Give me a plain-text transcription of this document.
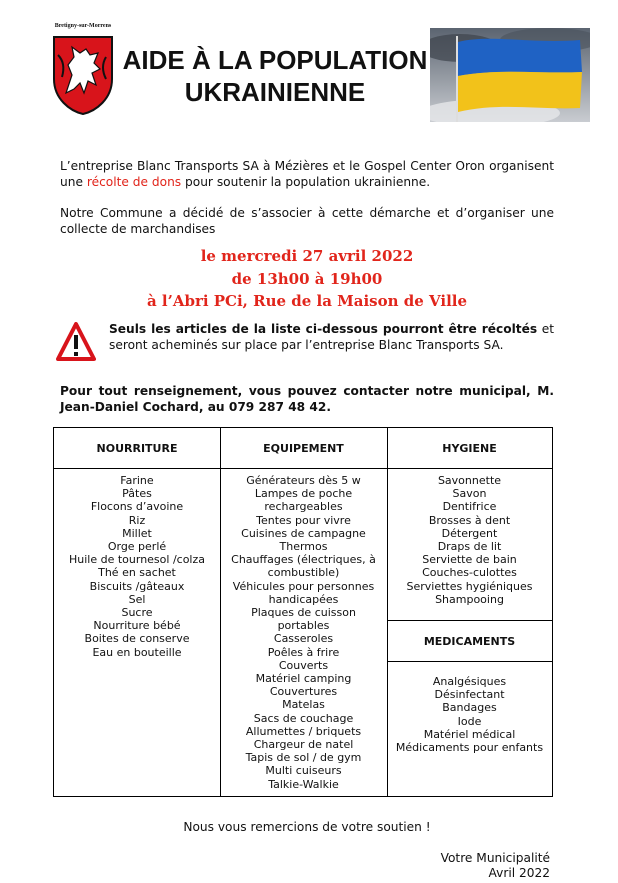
Bretigny-sur-Morrens
AIDE À LA POPULATION
UKRAINIENNE
L’entreprise Blanc Transports SA à Mézières et le Gospel Center Oron organisent une récolte de dons pour soutenir la population ukrainienne.
Notre Commune a décidé de s’associer à cette démarche et d’organiser une collecte de marchandises
le mercredi 27 avril 2022
de 13h00 à 19h00
à l’Abri PCi, Rue de la Maison de Ville
Seuls les articles de la liste ci-dessous pourront être récoltés et seront acheminés sur place par l’entreprise Blanc Transports SA.
Pour tout renseignement, vous pouvez contacter notre municipal, M. Jean-Daniel Cochard, au 079 287 48 42.
NOURRITURE
Farine
Pâtes
Flocons d’avoine
Riz
Millet
Orge perlé
Huile de tournesol /colza
Thé en sachet
Biscuits /gâteaux
Sel
Sucre
Nourriture bébé
Boites de conserve
Eau en bouteille
EQUIPEMENT
Générateurs dès 5 w
Lampes de poche
rechargeables
Tentes pour vivre
Cuisines de campagne
Thermos
Chauffages (électriques, à
combustible)
Véhicules pour personnes
handicapées
Plaques de cuisson
portables
Casseroles
Poêles à frire
Couverts
Matériel camping
Couvertures
Matelas
Sacs de couchage
Allumettes / briquets
Chargeur de natel
Tapis de sol / de gym
Multi cuiseurs
Talkie-Walkie
HYGIENE
Savonnette
Savon
Dentifrice
Brosses à dent
Détergent
Draps de lit
Serviette de bain
Couches-culottes
Serviettes hygiéniques
Shampooing
MEDICAMENTS
Analgésiques
Désinfectant
Bandages
Iode
Matériel médical
Médicaments pour enfants
Nous vous remercions de votre soutien !
Votre Municipalité
Avril 2022
